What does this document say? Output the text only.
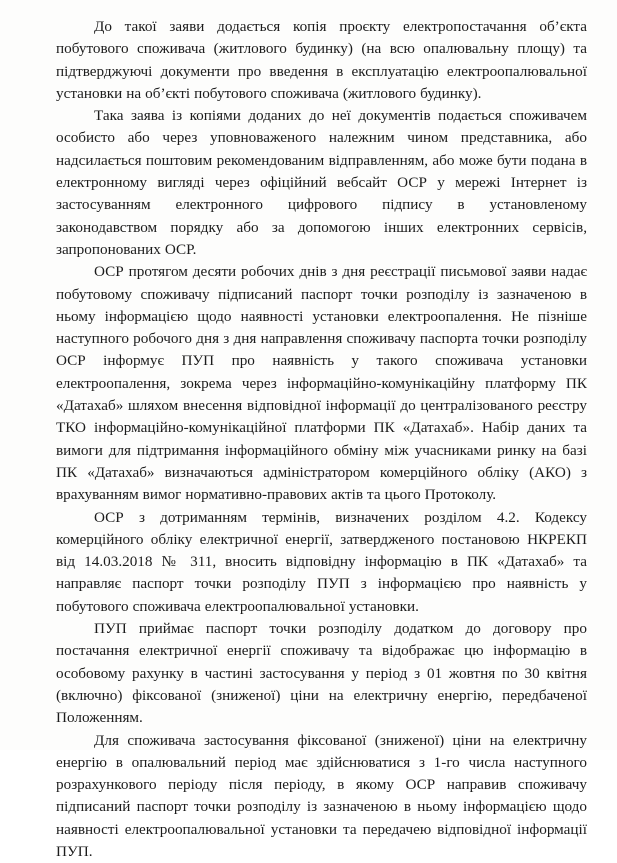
До такої заяви додається копія проєкту електропостачання об’єкта побутового споживача (житлового будинку) (на всю опалювальну площу) та підтверджуючі документи про введення в експлуатацію електроопалювальної установки на об’єкті побутового споживача (житлового будинку).

Така заява із копіями доданих до неї документів подається споживачем особисто або через уповноваженого належним чином представника, або надсилається поштовим рекомендованим відправленням, або може бути подана в електронному вигляді через офіційний вебсайт ОСР у мережі Інтернет із застосуванням електронного цифрового підпису в установленому законодавством порядку або за допомогою інших електронних сервісів, запропонованих ОСР.

ОСР протягом десяти робочих днів з дня реєстрації письмової заяви надає побутовому споживачу підписаний паспорт точки розподілу із зазначеною в ньому інформацією щодо наявності установки електроопалення. Не пізніше наступного робочого дня з дня направлення споживачу паспорта точки розподілу ОСР інформує ПУП про наявність у такого споживача установки електроопалення, зокрема через інформаційно-комунікаційну платформу ПК «Датахаб» шляхом внесення відповідної інформації до централізованого реєстру ТКО інформаційно-комунікаційної платформи ПК «Датахаб». Набір даних та вимоги для підтримання інформаційного обміну між учасниками ринку на базі ПК «Датахаб» визначаються адміністратором комерційного обліку (АКО) з врахуванням вимог нормативно-правових актів та цього Протоколу.

ОСР з дотриманням термінів, визначених розділом 4.2. Кодексу комерційного обліку електричної енергії, затвердженого постановою НКРЕКП від 14.03.2018 № 311, вносить відповідну інформацію в ПК «Датахаб» та направляє паспорт точки розподілу ПУП з інформацією про наявність у побутового споживача електроопалювальної установки.

ПУП приймає паспорт точки розподілу додатком до договору про постачання електричної енергії споживачу та відображає цю інформацію в особовому рахунку в частині застосування у період з 01 жовтня по 30 квітня (включно) фіксованої (зниженої) ціни на електричну енергію, передбаченої Положенням.

Для споживача застосування фіксованої (зниженої) ціни на електричну енергію в опалювальний період має здійснюватися з 1-го числа наступного розрахункового періоду після періоду, в якому ОСР направив споживачу підписаний паспорт точки розподілу із зазначеною в ньому інформацією щодо наявності електроопалювальної установки та передачею відповідної інформації ПУП.
